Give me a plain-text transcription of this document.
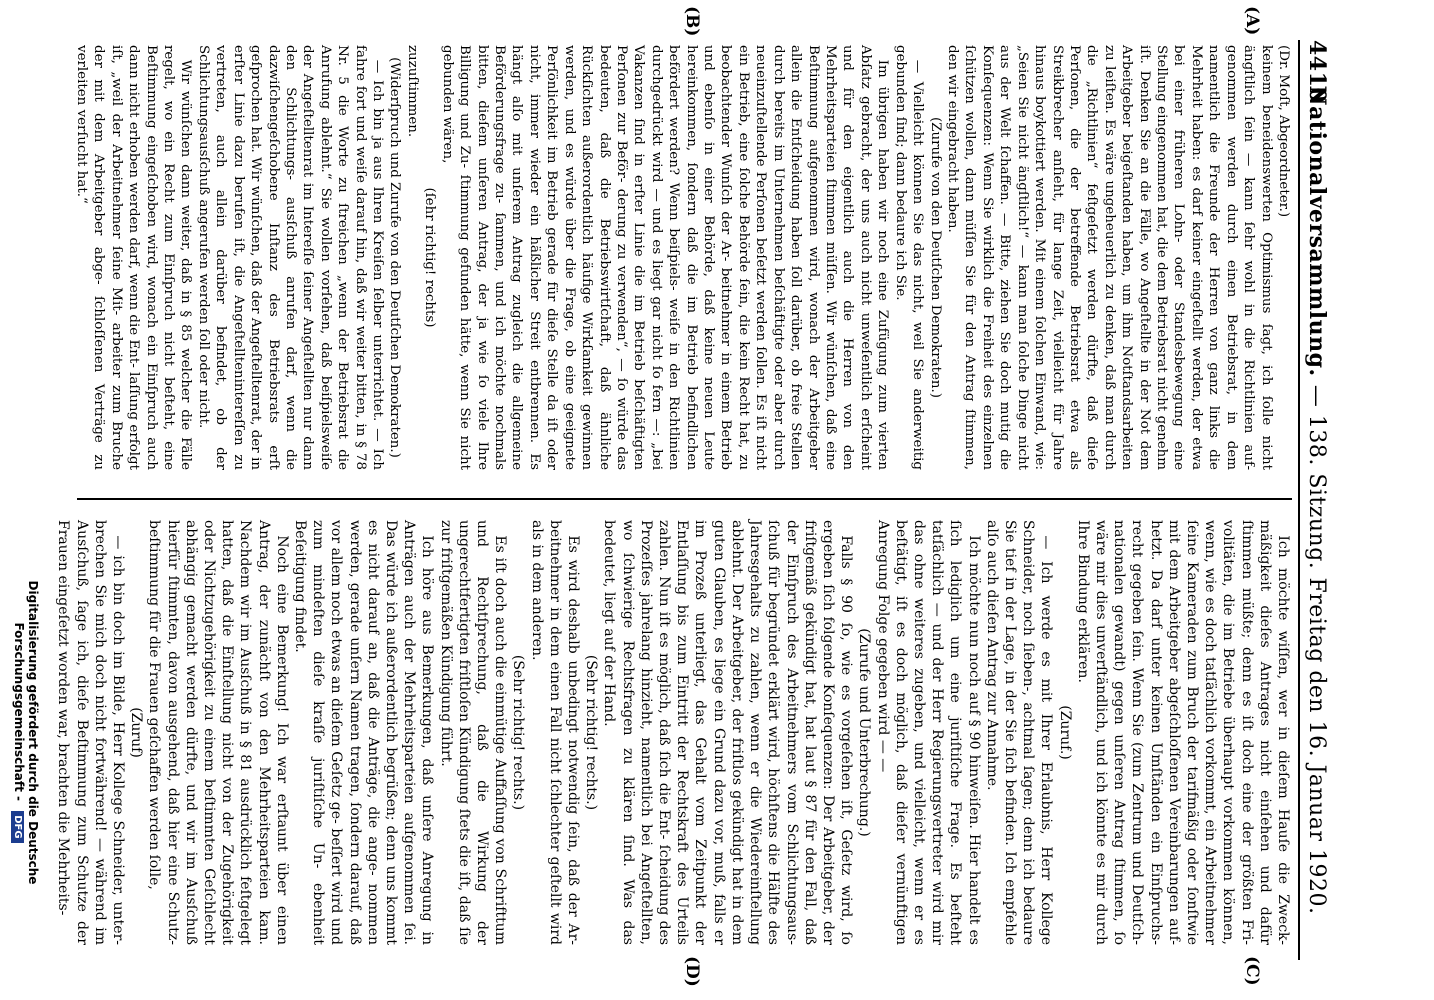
4410
Nationalversammlung. — 138. Sitzung. Freitag den 16. Januar 1920.
(A)
(B)
(C)
(D)

(Dr. Moſt, Abgeordneter.)

keinem beneidenswerten Optimismus ſagt, ich ſolle nicht ängſtlich ſein — kann ſehr wohl in die Richtlinien auf- genommen werden durch einen Betriebsrat, in dem namentlich die Freunde der Herren von ganz links die Mehrheit haben: es darf keiner eingeſtellt werden, der etwa bei einer früheren Lohn- oder Standesbewegung eine Stellung eingenommen hat, die dem Betriebsrat nicht genehm iſt. Denken Sie an die Fälle, wo Angeſtellte in der Not dem Arbeitgeber beigeſtanden haben, um ihm Notſtandsarbeiten zu leiſten. Es wäre ungeheuerlich zu denken, daß man durch die „Richtlinien“ feſtgeſetzt werden dürfte, daß dieſe Perſonen, die der betreffende Betriebsrat etwa als Streikbrecher anſieht, für lange Zeit, vielleicht für Jahre hinaus boykottiert werden. Mit einem ſolchen Einwand, wie: „Seien Sie nicht ängſtlich!“ — kann man ſolche Dinge nicht aus der Welt ſchaffen. — Bitte, ziehen Sie doch mutig die Konſequenzen: Wenn Sie wirklich die Freiheit des einzelnen ſchützen wollen, dann müſſen Sie für den Antrag ſtimmen, den wir eingebracht haben.

(Zurufe von den Deutſchen Demokraten.)

— Vielleicht können Sie das nicht, weil Sie anderweitig gebunden ſind; dann bedaure ich Sie.

Im übrigen haben wir noch eine Zufügung zum vierten Abſatz gebracht, der uns auch nicht unweſentlich erſcheint und für den eigentlich auch die Herren von den Mehrheitsparteien ſtimmen müſſen. Wir wünſchen, daß eine Beſtimmung aufgenommen wird, wonach der Arbeitgeber allein die Entſcheidung haben ſoll darüber, ob freie Stellen durch bereits im Unternehmen beſchäftigte oder aber durch neueinzuſtellende Perſonen beſetzt werden ſollen. Es iſt nicht ein Betrieb, eine ſolche Behörde ſein, die kein Recht hat, zu beobachtender Wunſch der Ar- beitnehmer in einem Betrieb und ebenſo in einer Behörde, daß keine neuen Leute hereinkommen, ſondern daß die im Betrieb befindlichen befördert werden? Wenn beiſpiels- weiſe in den Richtlinien durchgedrückt wird — und es liegt gar nicht ſo fern —: „bei Vakanzen ſind in erſter Linie die im Betrieb beſchäftigten Perſonen zur Beför- derung zu verwenden“, — ſo würde das bedeuten, daß die Betriebswirtſchaft, daß ähnliche Rückſichten außerordentlich häufige Wirkſamkeit gewinnen werden, und es würde über die Frage, ob eine geeignete Perſönlichkeit im Betrieb gerade für dieſe Stelle da iſt oder nicht, immer wieder ein häßlicher Streit entbrennen. Es hängt alſo mit unſerem Antrag zugleich die allgemeine Beförderungsfrage zu- ſammen, und ich möchte nochmals bitten, dieſem unſeren Antrag, der ja wie ſo viele Ihre Billigung und Zu- ſtimmung gefunden hätte, wenn Sie nicht gebunden wären,

(ſehr richtig! rechts)

zuzuſtimmen.

(Widerſpruch und Zurufe von den Deutſchen Demokraten.)

— Ich bin ja aus Ihren Kreiſen ſelber unterrichtet. — Ich fahre fort und weiſe darauf hin, daß wir weiter bitten, in § 78 Nr. 5 die Worte zu ſtreichen „wenn der Betriebsrat die Anrufung ablehnt.“ Sie wollen vorſehen, daß beiſpielsweiſe der Angeſtelltenrat im Intereſſe ſeiner Angeſtellten nur dann den Schlichtungs- ausſchuß anrufen darf, wenn die dazwiſchengeſchobene Inſtanz des Betriebsrats erſt geſprochen hat. Wir wünſchen, daß der Angeſtelltenrat, der in erſter Linie dazu berufen iſt, die Angeſtelltenintereſſen zu vertreten, auch allein darüber befindet, ob der Schlichtungsausſchuß angerufen werden ſoll oder nicht.

Wir wünſchen dann weiter, daß in § 85 welcher die Fälle regelt, wo ein Recht zum Einſpruch nicht beſteht, eine Beſtimmung eingeſchoben wird, wonach ein Einſpruch auch dann nicht erhoben werden darf, wenn die Ent- laſſung erfolgt iſt, „weil der Arbeitnehmer ſeine Mit- arbeiter zum Bruche der mit dem Arbeitgeber abge- ſchloſſenen Verträge zu verleiten verſucht hat.“

Ich möchte wiſſen, wer in dieſem Hauſe die Zweck- mäßigkeit dieſes Antrages nicht einſehen und dafür ſtimmen müßte; denn es iſt doch eine der größten Fri- volitäten, die im Betriebe überhaupt vorkommen können, wenn, wie es doch tatſächlich vorkommt, ein Arbeitnehmer ſeine Kameraden zum Bruch der tarifmäßig oder ſonſtwie mit dem Arbeitgeber abgeſchloſſenen Vereinbarungen auf- hetzt. Da darf unter keinen Umſtänden ein Einſpruchs- recht gegeben ſein. Wenn Sie (zum Zentrum und Deutſch- nationalen gewandt) gegen unſeren Antrag ſtimmen, ſo wäre mir dies unverſtändlich, und ich könnte es mir durch Ihre Bindung erklären.

(Zuruf.)

— Ich werde es mit Ihrer Erlaubnis, Herr Kollege Schneider, noch ſieben-, achtmal ſagen; denn ich bedaure Sie tief in der Lage, in der Sie ſich befinden. Ich empfehle alſo auch dieſen Antrag zur Annahme.

Ich möchte nun noch auf § 90 hinweiſen. Hier handelt es ſich lediglich um eine juriſtiſche Frage. Es beſteht tatſächlich — und der Herr Regierungsvertreter wird mir das ohne weiteres zugeben, und vielleicht, wenn er es beſtätigt, iſt es doch möglich, daß dieſer vernünftigen Anregung Folge gegeben wird — —

(Zurufe und Unterbrechung.)

Falls § 90 ſo, wie es vorgeſehen iſt, Geſetz wird, ſo ergeben ſich folgende Konſequenzen: Der Arbeitgeber, der friſtgemäß gekündigt hat, hat laut § 87 für den Fall, daß der Einſpruch des Arbeitnehmers vom Schlichtungsaus- ſchuß für begründet erklärt wird, höchſtens die Hälfte des Jahresgehalts zu zahlen, wenn er die Wiedereinſtellung ablehnt. Der Arbeitgeber, der friſtlos gekündigt hat in dem guten Glauben, es liege ein Grund dazu vor, muß, falls er im Prozeß unterliegt, das Gehalt vom Zeitpunkt der Entlaſſung bis zum Eintritt der Rechtskraft des Urteils zahlen. Nun iſt es möglich, daß ſich die Ent- ſcheidung des Prozeſſes jahrelang hinzieht, namentlich bei Angeſtellten, wo ſchwierige Rechtsfragen zu klären ſind. Was das bedeutet, liegt auf der Hand.

(Sehr richtig! rechts.)

Es wird deshalb unbedingt notwendig ſein, daß der Ar- beitnehmer in dem einen Fall nicht ſchlechter geſtellt wird als in dem anderen.

(Sehr richtig! rechts.)

Es iſt doch auch die einmütige Auffaſſung von Schrifttum und Rechtſprechung, daß die Wirkung der ungerechtfertigten friſtloſen Kündigung ſtets die iſt, daß ſie zur friſtgemäßen Kündigung führt.

Ich höre aus Bemerkungen, daß unſere Anregung in Anträgen auch der Mehrheitsparteien aufgenommen ſei. Das würde ich außerordentlich begrüßen; denn uns kommt es nicht darauf an, daß die Anträge, die ange- nommen werden, gerade unſern Namen tragen, ſondern darauf, daß vor allem noch etwas an dieſem Geſetz ge- beſſert wird und zum mindeſten dieſe kraſſe juriſtiſche Un- ebenheit Beſeitigung findet.

Noch eine Bemerkung! Ich war erſtaunt über einen Antrag, der zunächſt von den Mehrheitsparteien kam. Nachdem wir im Ausſchuß in § 81 ausdrücklich feſtgelegt hatten, daß die Einſtellung nicht von der Zugehörigkeit oder Nichtzugehörigkeit zu einem beſtimmten Geſchlecht abhängig gemacht werden dürfte, und wir im Ausſchuß hierfür ſtimmten, davon ausgehend, daß hier eine Schutz- beſtimmung für die Frauen geſchaffen werden ſolle,

(Zuruf)

— ich bin doch im Bilde, Herr Kollege Schneider, unter- brechen Sie mich doch nicht fortwährend! — während im Ausſchuß, ſage ich, dieſe Beſtimmung zum Schutze der Frauen eingeſetzt worden war, brachten die Mehrheits-

Digitalisierung gefördert durch die Deutsche Forschungsgemeinschaft - DFG
